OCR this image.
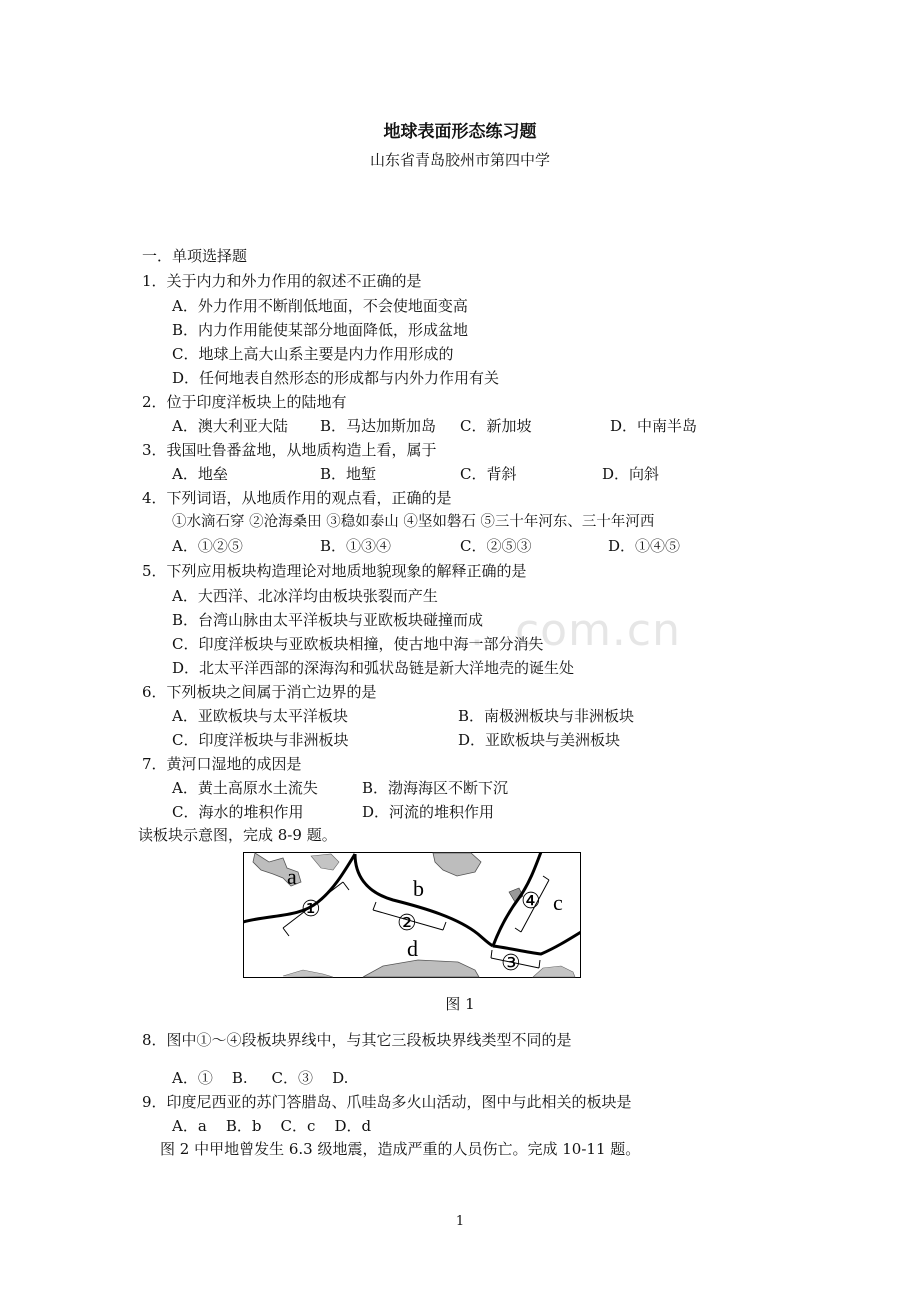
...com.cn
地球表面形态练习题
山东省青岛胶州市第四中学
一．单项选择题
1．关于内力和外力作用的叙述不正确的是
A．外力作用不断削低地面，不会使地面变高
B．内力作用能使某部分地面降低，形成盆地
C．地球上高大山系主要是内力作用形成的
D．任何地表自然形态的形成都与内外力作用有关
2．位于印度洋板块上的陆地有
A．澳大利亚大陆 B．马达加斯加岛 C．新加坡	D．中南半岛
3．我国吐鲁番盆地，从地质构造上看，属于
A．地垒	B．地堑	C．背斜	D．向斜
4．下列词语，从地质作用的观点看，正确的是
①水滴石穿 ②沧海桑田 ③稳如泰山 ④坚如磐石 ⑤三十年河东、三十年河西
A．①②⑤	B．①③④	C．②⑤③	D．①④⑤
5．下列应用板块构造理论对地质地貌现象的解释正确的是
A．大西洋、北冰洋均由板块张裂而产生
B．台湾山脉由太平洋板块与亚欧板块碰撞而成
C．印度洋板块与亚欧板块相撞，使古地中海一部分消失
D．北太平洋西部的深海沟和弧状岛链是新大洋地壳的诞生处
6．下列板块之间属于消亡边界的是
A．亚欧板块与太平洋板块	B．南极洲板块与非洲板块
C．印度洋板块与非洲板块	D．亚欧板块与美洲板块
7．黄河口湿地的成因是
A．黄土高原水土流失	B．渤海海区不断下沉
C．海水的堆积作用	D．河流的堆积作用
读板块示意图，完成 8-9 题。
a	b
c
d
①
②
③
④
图 1
8．图中①～④段板块界线中，与其它三段板块界线类型不同的是
A．①    B.     C．③    D.
9．印度尼西亚的苏门答腊岛、爪哇岛多火山活动，图中与此相关的板块是
A．a    B．b    C．c    D．d
图 2 中甲地曾发生 6.3 级地震，造成严重的人员伤亡。完成 10-11 题。
1
